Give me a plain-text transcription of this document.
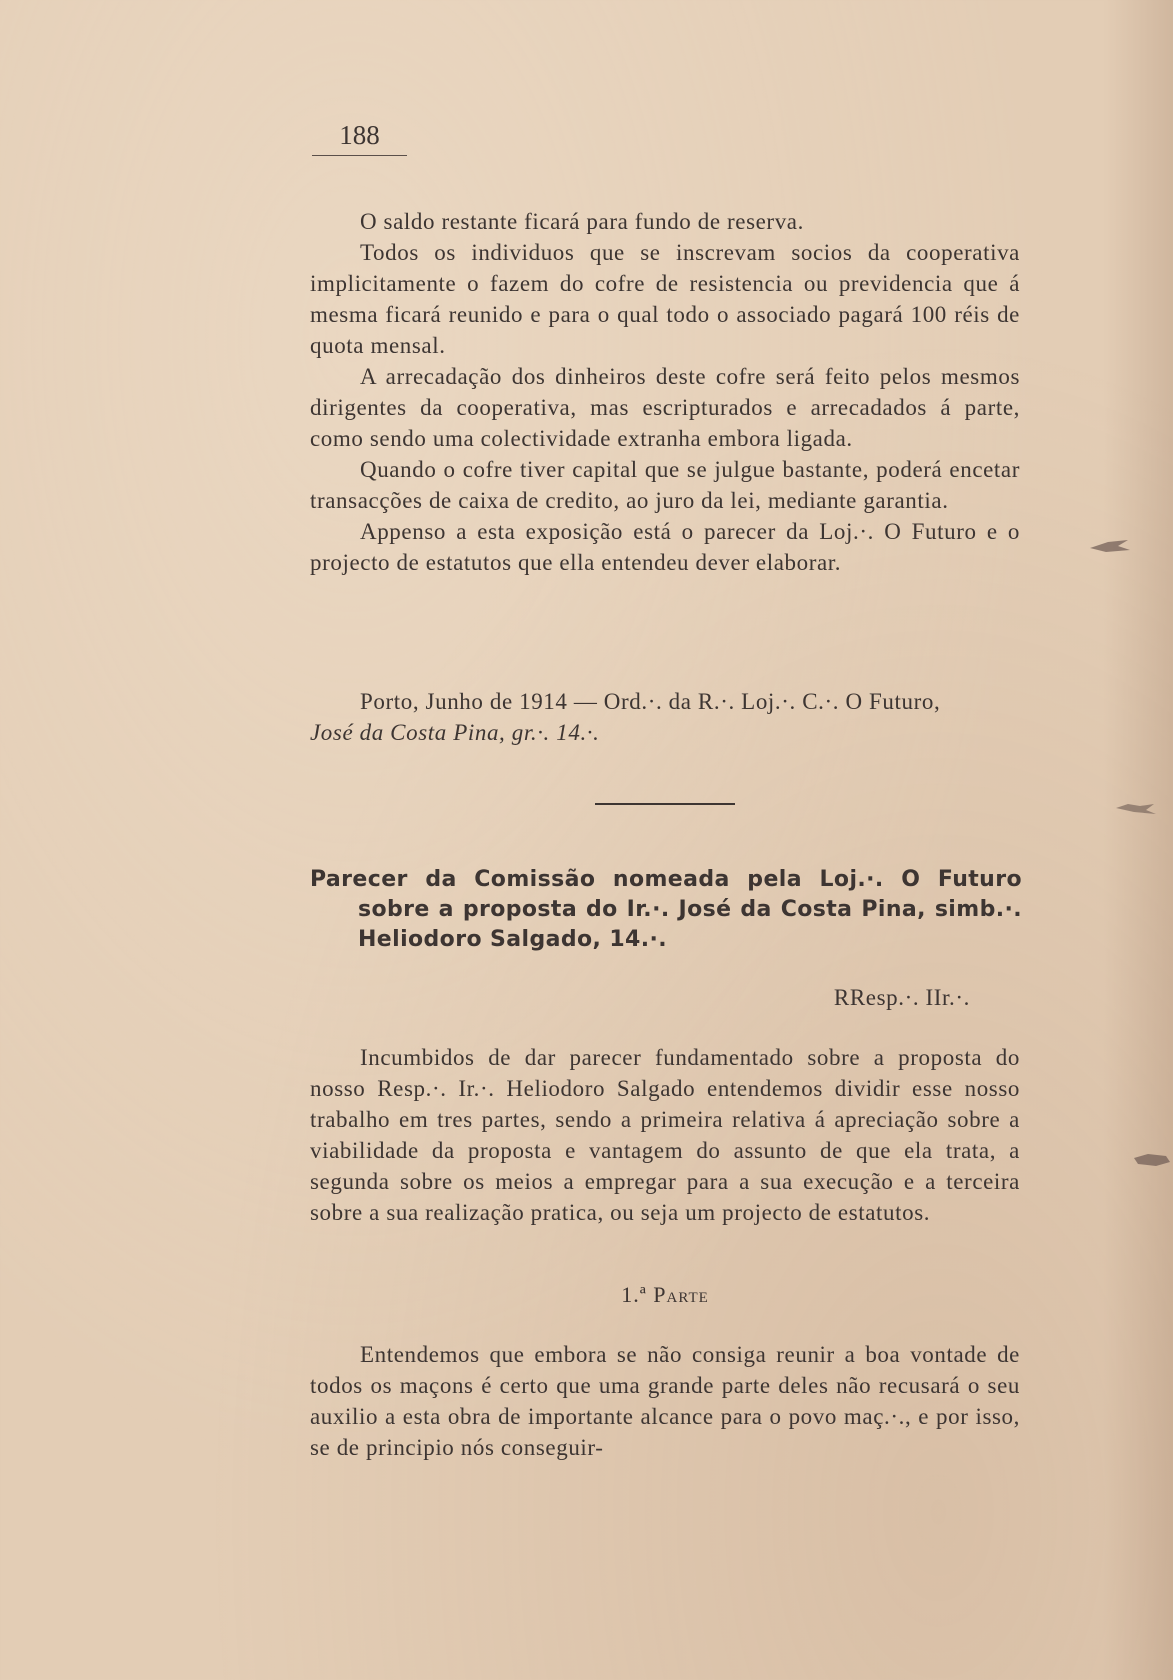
188

O saldo restante ficará para fundo de reserva.

Todos os individuos que se inscrevam socios da cooperativa implicitamente o fazem do cofre de resistencia ou previdencia que á mesma ficará reunido e para o qual todo o associado pagará 100 réis de quota mensal.

A arrecadação dos dinheiros deste cofre será feito pelos mesmos dirigentes da cooperativa, mas escripturados e arrecadados á parte, como sendo uma colectividade extranha embora ligada.

Quando o cofre tiver capital que se julgue bastante, poderá encetar transacções de caixa de credito, ao juro da lei, mediante garantia.

Appenso a esta exposição está o parecer da Loj.·. O Futuro e o projecto de estatutos que ella entendeu dever elaborar.

Porto, Junho de 1914 — Ord.·. da R.·. Loj.·. C.·. O Futuro,

José da Costa Pina, gr.·. 14.·.

Parecer da Comissão nomeada pela Loj.·. O Futuro sobre a proposta do Ir.·. José da Costa Pina, simb.·. Heliodoro Salgado, 14.·.
RResp.·. IIr.·.

Incumbidos de dar parecer fundamentado sobre a proposta do nosso Resp.·. Ir.·. Heliodoro Salgado entendemos dividir esse nosso trabalho em tres partes, sendo a primeira relativa á apreciação sobre a viabilidade da proposta e vantagem do assunto de que ela trata, a segunda sobre os meios a empregar para a sua execução e a terceira sobre a sua realização pratica, ou seja um projecto de estatutos.

1.ª Parte

Entendemos que embora se não consiga reunir a boa vontade de todos os maçons é certo que uma grande parte deles não recusará o seu auxilio a esta obra de importante alcance para o povo maç.·., e por isso, se de principio nós conseguir-
